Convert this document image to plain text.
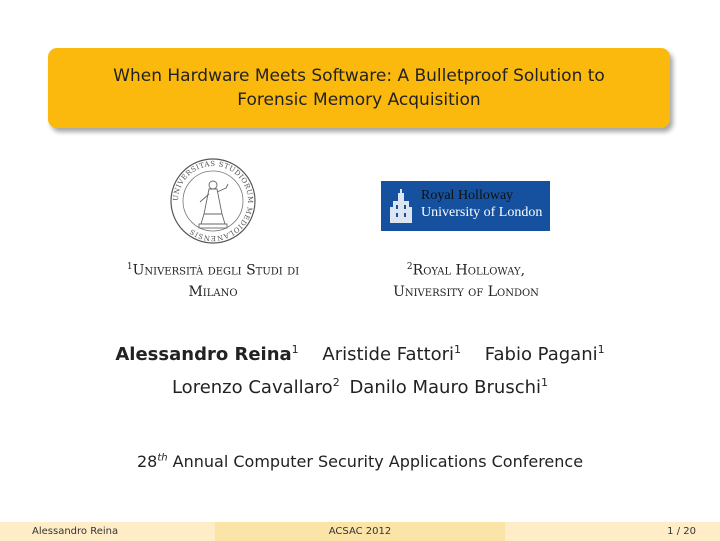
When Hardware Meets Software: A Bulletproof Solution to
Forensic Memory Acquisition
UNIVERSITAS STUDIORUM MEDIOLANENSIS
Royal Holloway
University of London
$^1$Università degli Studi di
Milano
$^2$Royal Holloway,
University of London
Alessandro Reina$^1$ Aristide Fattori$^1$ Fabio Pagani$^1$
Lorenzo Cavallaro$^2$ Danilo Mauro Bruschi$^1$
28th Annual Computer Security Applications Conference
Alessandro Reina	ACSAC 2012	1 / 20
